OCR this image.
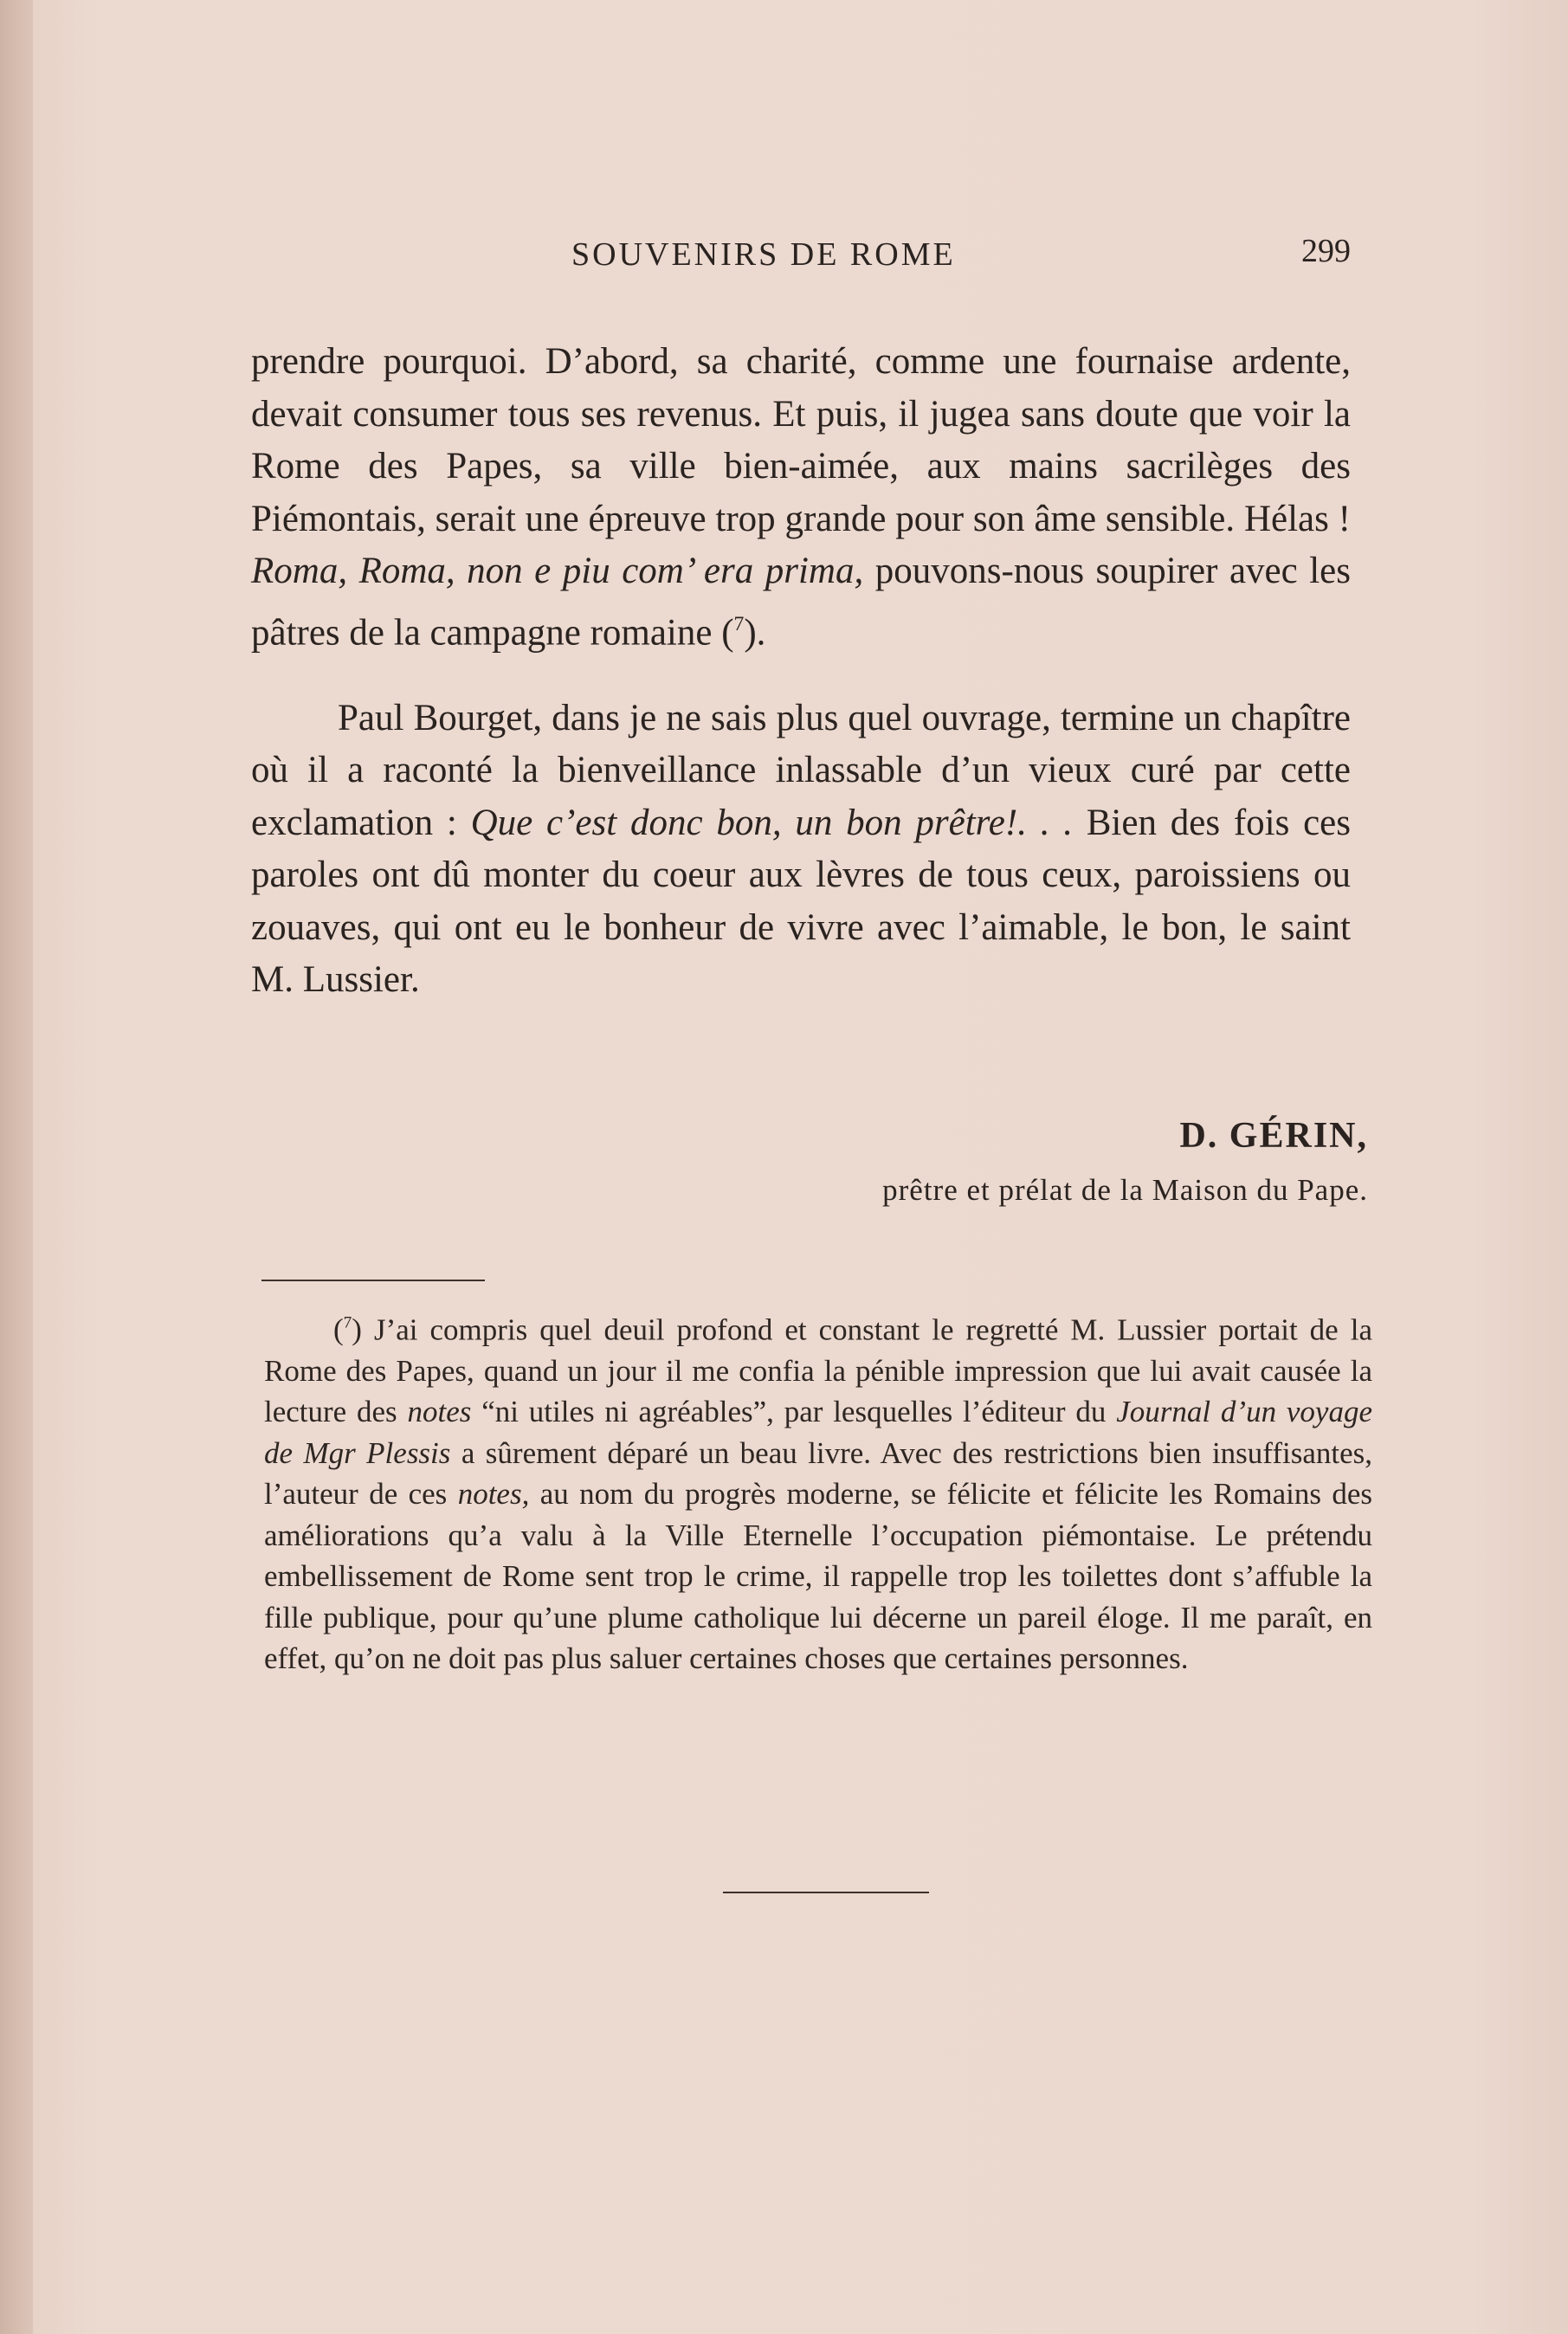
SOUVENIRS DE ROME	299

prendre pourquoi. D’abord, sa charité, comme une fournaise ardente, devait consumer tous ses revenus. Et puis, il jugea sans doute que voir la Rome des Papes, sa ville bien-aimée, aux mains sacrilèges des Piémontais, serait une épreuve trop grande pour son âme sensible. Hélas ! Roma, Roma, non e piu com’ era prima, pouvons-nous soupirer avec les pâtres de la campagne romaine ($^7$).

Paul Bourget, dans je ne sais plus quel ouvrage, termine un chapître où il a raconté la bienveillance inlassable d’un vieux curé par cette exclamation : Que c’est donc bon, un bon prêtre!. . . Bien des fois ces paroles ont dû monter du coeur aux lèvres de tous ceux, paroissiens ou zouaves, qui ont eu le bonheur de vivre avec l’aimable, le bon, le saint M. Lussier.

D. GÉRIN,
prêtre et prélat de la Maison du Pape.
($^7$) J’ai compris quel deuil profond et constant le regretté M. Lussier portait de la Rome des Papes, quand un jour il me confia la pénible impression que lui avait causée la lecture des notes “ni utiles ni agréables”, par lesquelles l’éditeur du Journal d’un voyage de Mgr Plessis a sûrement déparé un beau livre. Avec des restrictions bien insuffisantes, l’auteur de ces notes, au nom du progrès moderne, se félicite et félicite les Romains des améliorations qu’a valu à la Ville Eternelle l’occupation piémontaise. Le prétendu embellissement de Rome sent trop le crime, il rappelle trop les toilettes dont s’affuble la fille publique, pour qu’une plume catholique lui décerne un pareil éloge. Il me paraît, en effet, qu’on ne doit pas plus saluer certaines choses que certaines personnes.
